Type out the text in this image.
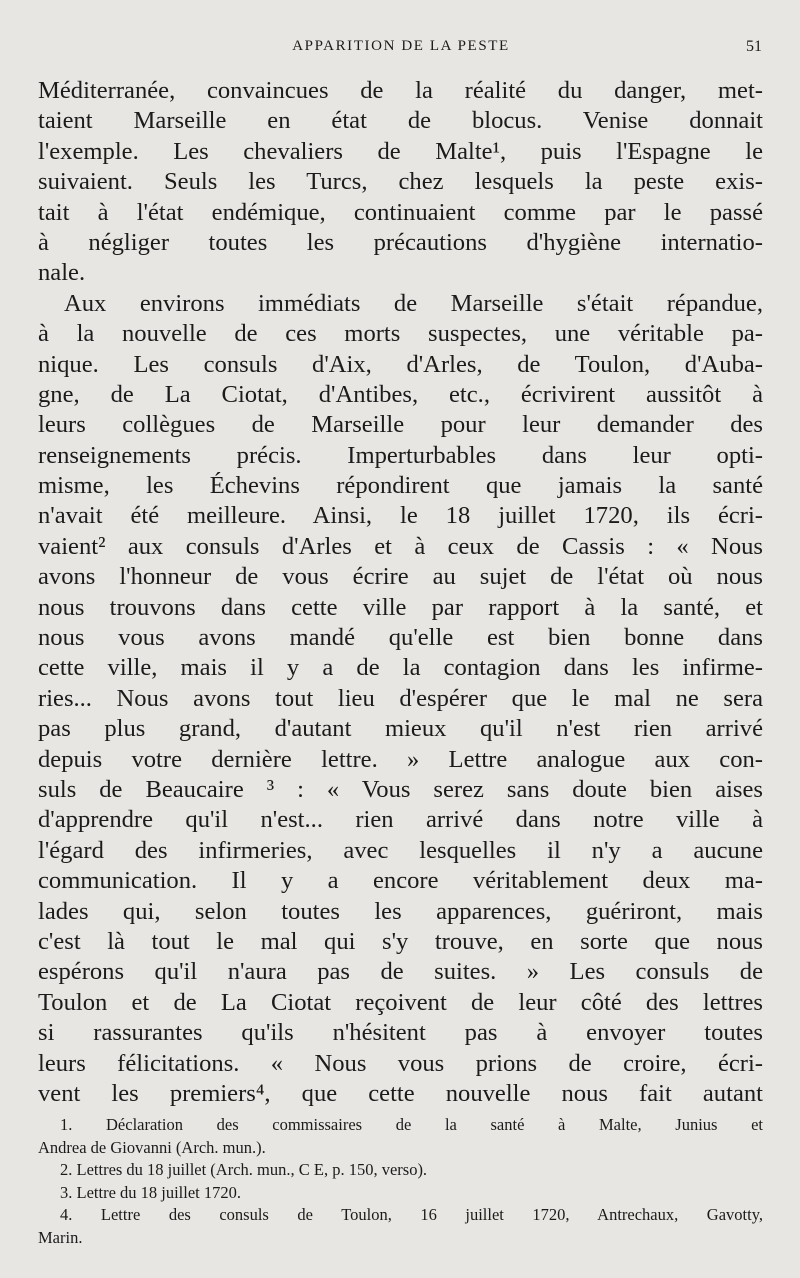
APPARITION DE LA PESTE	51
Méditerranée, convaincues de la réalité du danger, met-
taient Marseille en état de blocus. Venise donnait
l'exemple. Les chevaliers de Malte¹, puis l'Espagne le
suivaient. Seuls les Turcs, chez lesquels la peste exis-
tait à l'état endémique, continuaient comme par le passé
à négliger toutes les précautions d'hygiène internatio-
nale.
Aux environs immédiats de Marseille s'était répandue,
à la nouvelle de ces morts suspectes, une véritable pa-
nique. Les consuls d'Aix, d'Arles, de Toulon, d'Auba-
gne, de La Ciotat, d'Antibes, etc., écrivirent aussitôt à
leurs collègues de Marseille pour leur demander des
renseignements précis. Imperturbables dans leur opti-
misme, les Échevins répondirent que jamais la santé
n'avait été meilleure. Ainsi, le 18 juillet 1720, ils écri-
vaient² aux consuls d'Arles et à ceux de Cassis : « Nous
avons l'honneur de vous écrire au sujet de l'état où nous
nous trouvons dans cette ville par rapport à la santé, et
nous vous avons mandé qu'elle est bien bonne dans
cette ville, mais il y a de la contagion dans les infirme-
ries... Nous avons tout lieu d'espérer que le mal ne sera
pas plus grand, d'autant mieux qu'il n'est rien arrivé
depuis votre dernière lettre. » Lettre analogue aux con-
suls de Beaucaire ³ : « Vous serez sans doute bien aises
d'apprendre qu'il n'est... rien arrivé dans notre ville à
l'égard des infirmeries, avec lesquelles il n'y a aucune
communication. Il y a encore véritablement deux ma-
lades qui, selon toutes les apparences, guériront, mais
c'est là tout le mal qui s'y trouve, en sorte que nous
espérons qu'il n'aura pas de suites. » Les consuls de
Toulon et de La Ciotat reçoivent de leur côté des lettres
si rassurantes qu'ils n'hésitent pas à envoyer toutes
leurs félicitations. « Nous vous prions de croire, écri-
vent les premiers⁴, que cette nouvelle nous fait autant
1. Déclaration des commissaires de la santé à Malte, Junius et
Andrea de Giovanni (Arch. mun.).
2. Lettres du 18 juillet (Arch. mun., C E, p. 150, verso).
3. Lettre du 18 juillet 1720.
4. Lettre des consuls de Toulon, 16 juillet 1720, Antrechaux, Gavotty,
Marin.
